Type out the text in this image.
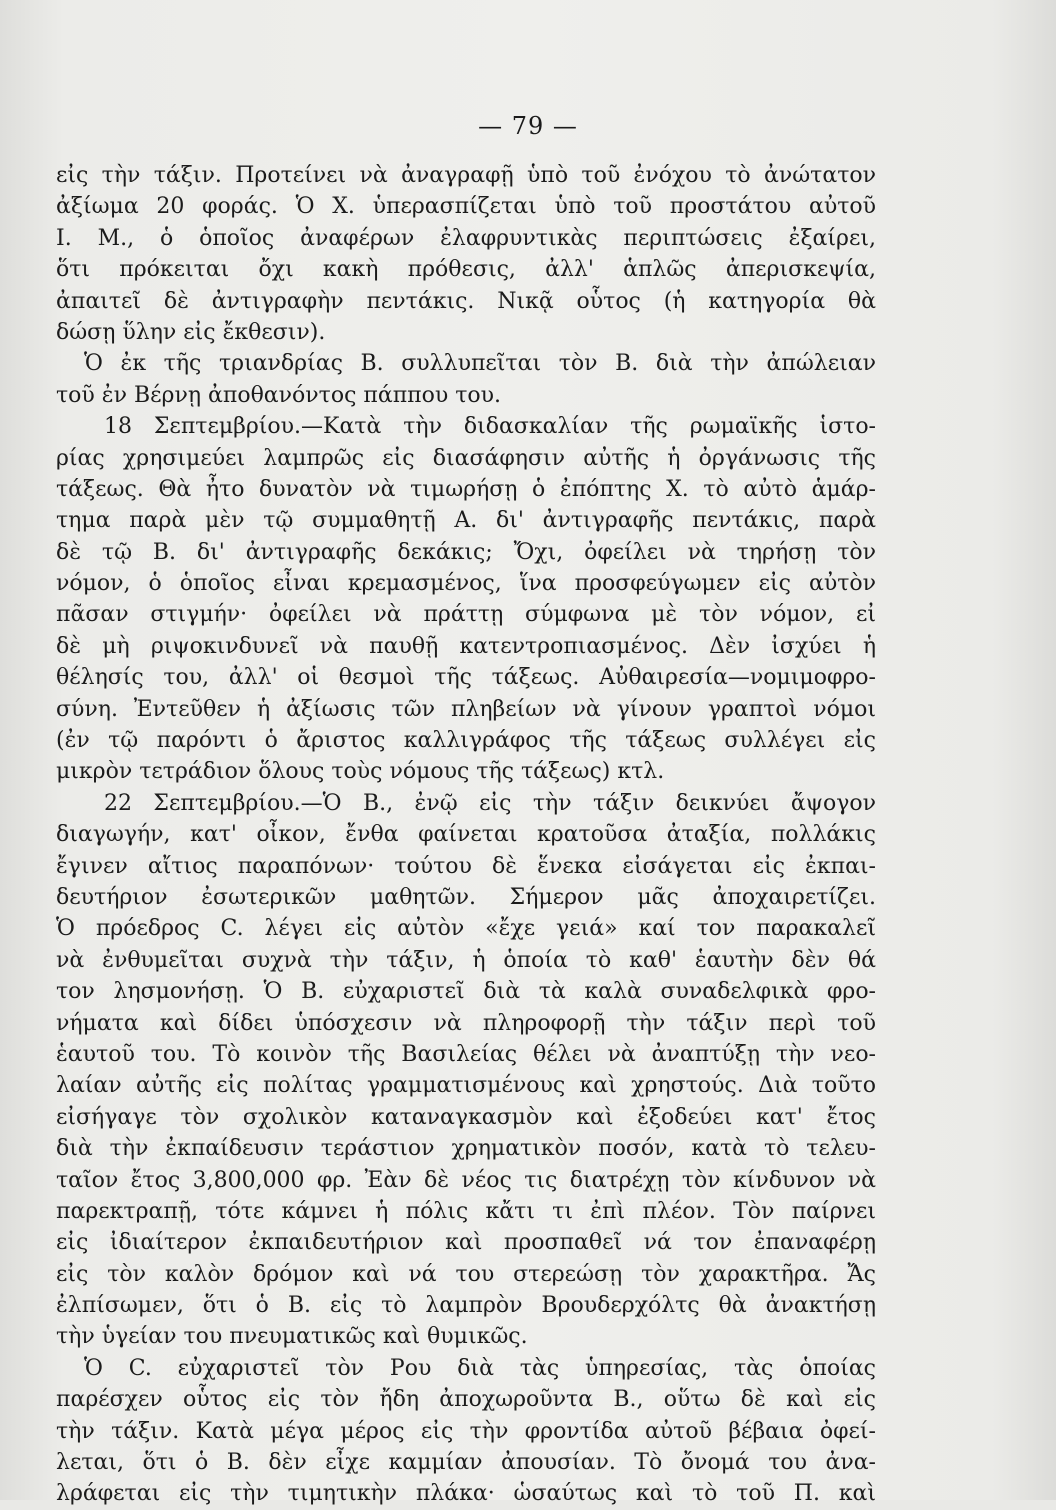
— 79 —
εἰς τὴν τάξιν. Προτείνει νὰ ἀναγραφῇ ὑπὸ τοῦ ἐνόχου τὸ ἀνώτατον
ἀξίωμα 20 φοράς. Ὁ Χ. ὑπερασπίζεται ὑπὸ τοῦ προστάτου αὐτοῦ
Ι. Μ., ὁ ὁποῖος ἀναφέρων ἐλαφρυντικὰς περιπτώσεις ἐξαίρει,
ὅτι πρόκειται ὄχι κακὴ πρόθεσις, ἀλλ' ἁπλῶς ἀπερισκεψία,
ἀπαιτεῖ δὲ ἀντιγραφὴν πεντάκις. Νικᾷ οὗτος (ἡ κατηγορία θὰ
δώσῃ ὕλην εἰς ἔκθεσιν).
Ὁ ἐκ τῆς τριανδρίας Β. συλλυπεῖται τὸν Β. διὰ τὴν ἀπώλειαν
τοῦ ἐν Βέρνῃ ἀποθανόντος πάππου του.
18 Σεπτεμβρίου.—Κατὰ τὴν διδασκαλίαν τῆς ρωμαϊκῆς ἱστο-
ρίας χρησιμεύει λαμπρῶς εἰς διασάφησιν αὐτῆς ἡ ὀργάνωσις τῆς
τάξεως. Θὰ ἦτο δυνατὸν νὰ τιμωρήσῃ ὁ ἐπόπτης Χ. τὸ αὐτὸ ἁμάρ-
τημα παρὰ μὲν τῷ συμμαθητῇ Α. δι' ἀντιγραφῆς πεντάκις, παρὰ
δὲ τῷ Β. δι' ἀντιγραφῆς δεκάκις; Ὄχι, ὀφείλει νὰ τηρήσῃ τὸν
νόμον, ὁ ὁποῖος εἶναι κρεμασμένος, ἵνα προσφεύγωμεν εἰς αὐτὸν
πᾶσαν στιγμήν· ὀφείλει νὰ πράττῃ σύμφωνα μὲ τὸν νόμον, εἰ
δὲ μὴ ριψοκινδυνεῖ νὰ παυθῇ κατεντροπιασμένος. Δὲν ἰσχύει ἡ
θέλησίς του, ἀλλ' οἱ θεσμοὶ τῆς τάξεως. Αὐθαιρεσία—νομιμοφρο-
σύνη. Ἐντεῦθεν ἡ ἀξίωσις τῶν πληβείων νὰ γίνουν γραπτοὶ νόμοι
(ἐν τῷ παρόντι ὁ ἄριστος καλλιγράφος τῆς τάξεως συλλέγει εἰς
μικρὸν τετράδιον ὅλους τοὺς νόμους τῆς τάξεως) κτλ.
22 Σεπτεμβρίου.—Ὁ Β., ἐνῷ εἰς τὴν τάξιν δεικνύει ἄψογον
διαγωγήν, κατ' οἶκον, ἔνθα φαίνεται κρατοῦσα ἀταξία, πολλάκις
ἔγινεν αἴτιος παραπόνων· τούτου δὲ ἕνεκα εἰσάγεται εἰς ἐκπαι-
δευτήριον ἐσωτερικῶν μαθητῶν. Σήμερον μᾶς ἀποχαιρετίζει.
Ὁ πρόεδρος C. λέγει εἰς αὐτὸν «ἔχε γειά» καί τον παρακαλεῖ
νὰ ἐνθυμεῖται συχνὰ τὴν τάξιν, ἡ ὁποία τὸ καθ' ἑαυτὴν δὲν θά
τον λησμονήσῃ. Ὁ Β. εὐχαριστεῖ διὰ τὰ καλὰ συναδελφικὰ φρο-
νήματα καὶ δίδει ὑπόσχεσιν νὰ πληροφορῇ τὴν τάξιν περὶ τοῦ
ἑαυτοῦ του. Τὸ κοινὸν τῆς Βασιλείας θέλει νὰ ἀναπτύξῃ τὴν νεο-
λαίαν αὐτῆς εἰς πολίτας γραμματισμένους καὶ χρηστούς. Διὰ τοῦτο
εἰσήγαγε τὸν σχολικὸν καταναγκασμὸν καὶ ἐξοδεύει κατ' ἔτος
διὰ τὴν ἐκπαίδευσιν τεράστιον χρηματικὸν ποσόν, κατὰ τὸ τελευ-
ταῖον ἔτος 3,800,000 φρ. Ἐὰν δὲ νέος τις διατρέχῃ τὸν κίνδυνον νὰ
παρεκτραπῇ, τότε κάμνει ἡ πόλις κἄτι τι ἐπὶ πλέον. Τὸν παίρνει
εἰς ἰδιαίτερον ἐκπαιδευτήριον καὶ προσπαθεῖ νά τον ἐπαναφέρῃ
εἰς τὸν καλὸν δρόμον καὶ νά του στερεώσῃ τὸν χαρακτῆρα. Ἄς
ἐλπίσωμεν, ὅτι ὁ Β. εἰς τὸ λαμπρὸν Βρουδερχόλτς θὰ ἀνακτήσῃ
τὴν ὑγείαν του πνευματικῶς καὶ θυμικῶς.
Ὁ C. εὐχαριστεῖ τὸν Ρου διὰ τὰς ὑπηρεσίας, τὰς ὁποίας
παρέσχεν οὗτος εἰς τὸν ἤδη ἀποχωροῦντα Β., οὕτω δὲ καὶ εἰς
τὴν τάξιν. Κατὰ μέγα μέρος εἰς τὴν φροντίδα αὐτοῦ βέβαια ὀφεί-
λεται, ὅτι ὁ Β. δὲν εἶχε καμμίαν ἀπουσίαν. Τὸ ὄνομά του ἀνα-
λράφεται εἰς τὴν τιμητικὴν πλάκα· ὡσαύτως καὶ τὸ τοῦ Π. καὶ
